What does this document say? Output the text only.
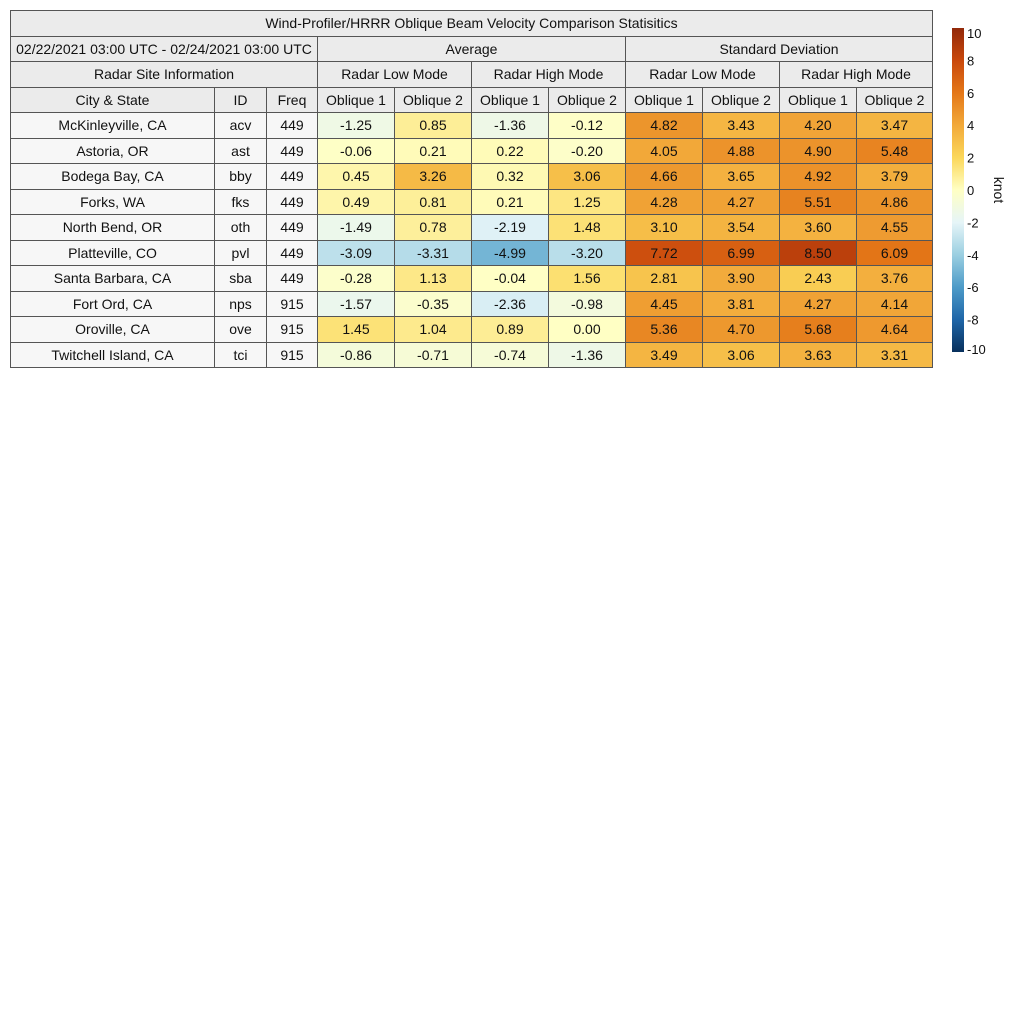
Wind-Profiler/HRRR Oblique Beam Velocity Comparison Statisitics										
02/22/2021 03:00 UTC - 02/24/2021 03:00 UTC			Average				Standard Deviation			
Radar Site Information			Radar Low Mode		Radar High Mode		Radar Low Mode		Radar High Mode	
City & State	ID	Freq	Oblique 1	Oblique 2	Oblique 1	Oblique 2	Oblique 1	Oblique 2	Oblique 1	Oblique 2
McKinleyville, CA	acv	449	-1.25	0.85	-1.36	-0.12	4.82	3.43	4.20	3.47
Astoria, OR	ast	449	-0.06	0.21	0.22	-0.20	4.05	4.88	4.90	5.48
Bodega Bay, CA	bby	449	0.45	3.26	0.32	3.06	4.66	3.65	4.92	3.79
Forks, WA	fks	449	0.49	0.81	0.21	1.25	4.28	4.27	5.51	4.86
North Bend, OR	oth	449	-1.49	0.78	-2.19	1.48	3.10	3.54	3.60	4.55
Platteville, CO	pvl	449	-3.09	-3.31	-4.99	-3.20	7.72	6.99	8.50	6.09
Santa Barbara, CA	sba	449	-0.28	1.13	-0.04	1.56	2.81	3.90	2.43	3.76
Fort Ord, CA	nps	915	-1.57	-0.35	-2.36	-0.98	4.45	3.81	4.27	4.14
Oroville, CA	ove	915	1.45	1.04	0.89	0.00	5.36	4.70	5.68	4.64
Twitchell Island, CA	tci	915	-0.86	-0.71	-0.74	-1.36	3.49	3.06	3.63	3.31
10
8
6
4
2
0
-2
-4
-6
-8
-10
knot
